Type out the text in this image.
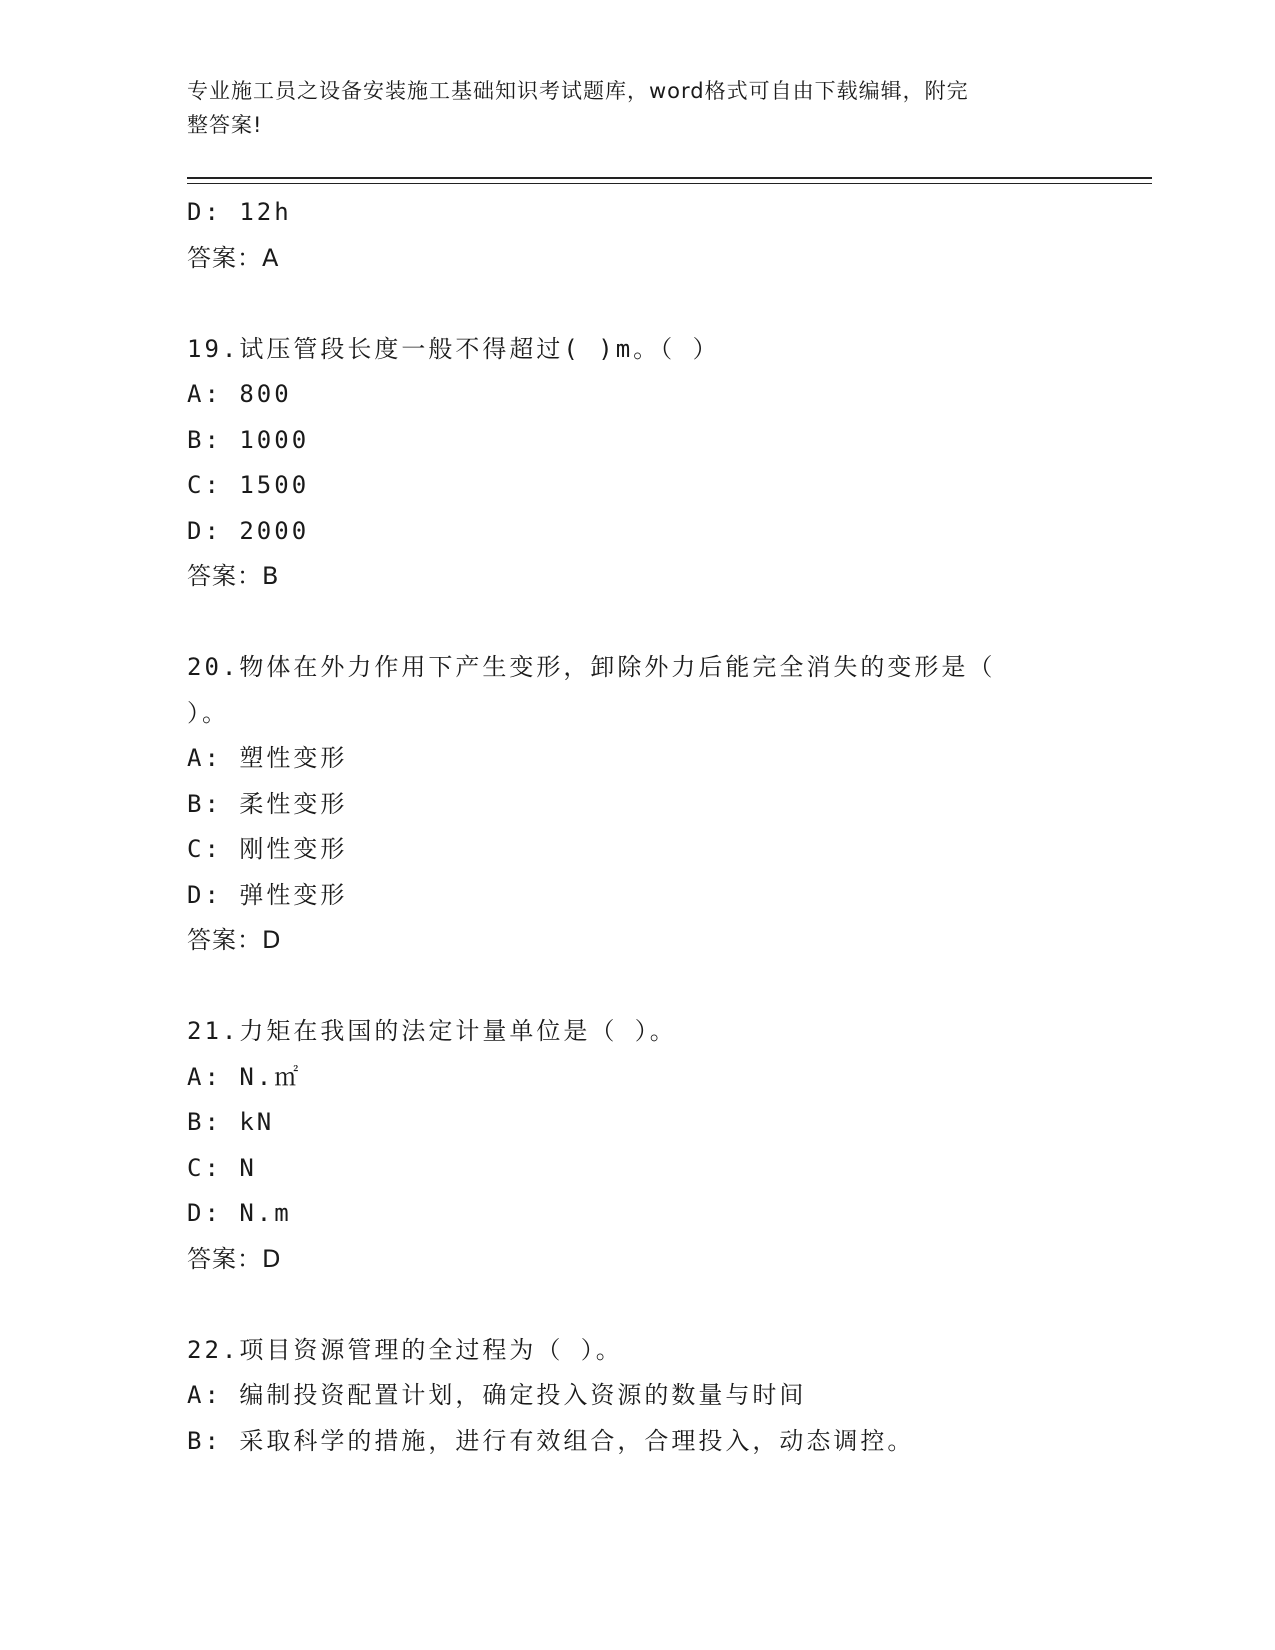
专业施工员之设备安装施工基础知识考试题库，word格式可自由下载编辑，附完
整答案!
D: 12h
答案：A
19.试压管段长度一般不得超过( )m。（ ）
A: 800
B: 1000
C: 1500
D: 2000
答案：B
20.物体在外力作用下产生变形，卸除外力后能完全消失的变形是（
）。
A: 塑性变形
B: 柔性变形
C: 刚性变形
D: 弹性变形
答案：D
21.力矩在我国的法定计量单位是（ ）。
A: N.㎡
B: kN
C: N
D: N.m
答案：D
22.项目资源管理的全过程为（ ）。
A: 编制投资配置计划，确定投入资源的数量与时间
B: 采取科学的措施，进行有效组合，合理投入，动态调控。
